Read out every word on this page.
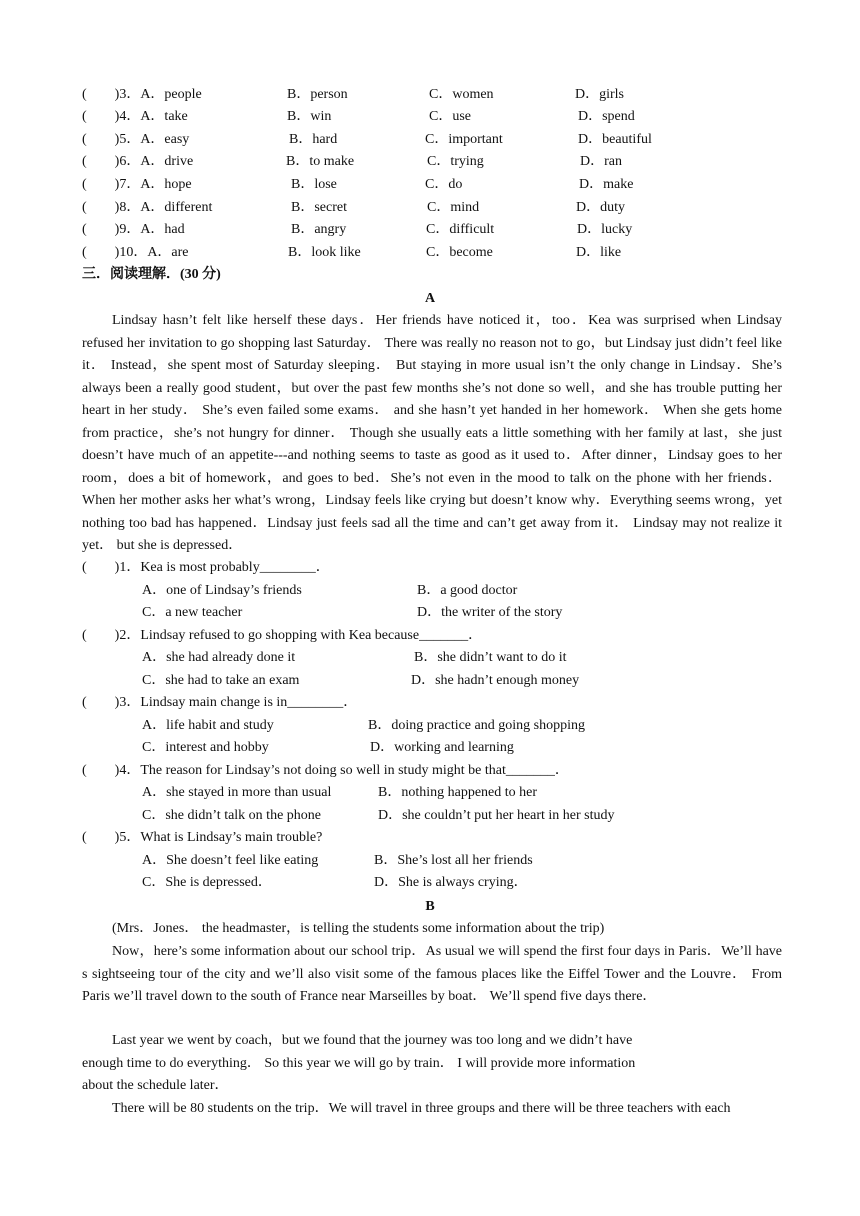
(　　)3．A．people	B．person	C．women	D．girls
(　　)4．A．take	B．win	C．use	D．spend
(　　)5．A．easy	B．hard	C．important	D．beautiful
(　　)6．A．drive	B．to make	C．trying	D．ran
(　　)7．A．hope	B．lose	C．do	D．make
(　　)8．A．different	B．secret	C．mind	D．duty
(　　)9．A．had	B．angry	C．difficult	D．lucky
(　　)10．A．are	B．look like	C．become	D．like
三．阅读理解．(30 分)
A
Lindsay hasn’t felt like herself these days．Her friends have noticed it，too．Kea was surprised when Lindsay refused her invitation to go shopping last Saturday． There was really no reason not to go，but Lindsay just didn’t feel like it． Instead，she spent most of Saturday sleeping． But staying in more usual isn’t the only change in Lindsay．She’s always been a really good student，but over the past few months she’s not done so well，and she has trouble putting her heart in her study． She’s even failed some exams． and she hasn’t yet handed in her homework． When she gets home from practice，she’s not hungry for dinner． Though she usually eats a little something with her family at last，she just doesn’t have much of an appetite---and nothing seems to taste as good as it used to．After dinner，Lindsay goes to her room，does a bit of homework，and goes to bed．She’s not even in the mood to talk on the phone with her friends． When her mother asks her what’s wrong，Lindsay feels like crying but doesn’t know why．Everything seems wrong，yet nothing too bad has happened．Lindsay just feels sad all the time and can’t get away from it． Lindsay may not realize it yet． but she is depressed．
(　　)1．Kea is most probably________．
A．one of Lindsay’s friends	B．a good doctor
C．a new teacher	D．the writer of the story
(　　)2．Lindsay refused to go shopping with Kea because_______．
A．she had already done it	B．she didn’t want to do it
C．she had to take an exam	D．she hadn’t enough money
(　　)3．Lindsay main change is in________．
A．life habit and study	B．doing practice and going shopping
C．interest and hobby	D．working and learning
(　　)4．The reason for Lindsay’s not doing so well in study might be that_______．
A．she stayed in more than usual	B．nothing happened to her
C．she didn’t talk on the phone	D．she couldn’t put her heart in her study
(　　)5．What is Lindsay’s main trouble?
A．She doesn’t feel like eating	B．She’s lost all her friends
C．She is depressed．	D．She is always crying．
B
(Mrs．Jones． the headmaster，is telling the students some information about the trip)
Now，here’s some information about our school trip．As usual we will spend the first four days in Paris．We’ll have s sightseeing tour of the city and we’ll also visit some of the famous places like the Eiffel Tower and the Louvre． From Paris we’ll travel down to the south of France near Marseilles by boat． We’ll spend five days there．
Last year we went by coach，but we found that the journey was too long and we didn’t have
enough time to do everything． So this year we will go by train． I will provide more information
about the schedule later．
There will be 80 students on the trip．We will travel in three groups and there will be three teachers with each
